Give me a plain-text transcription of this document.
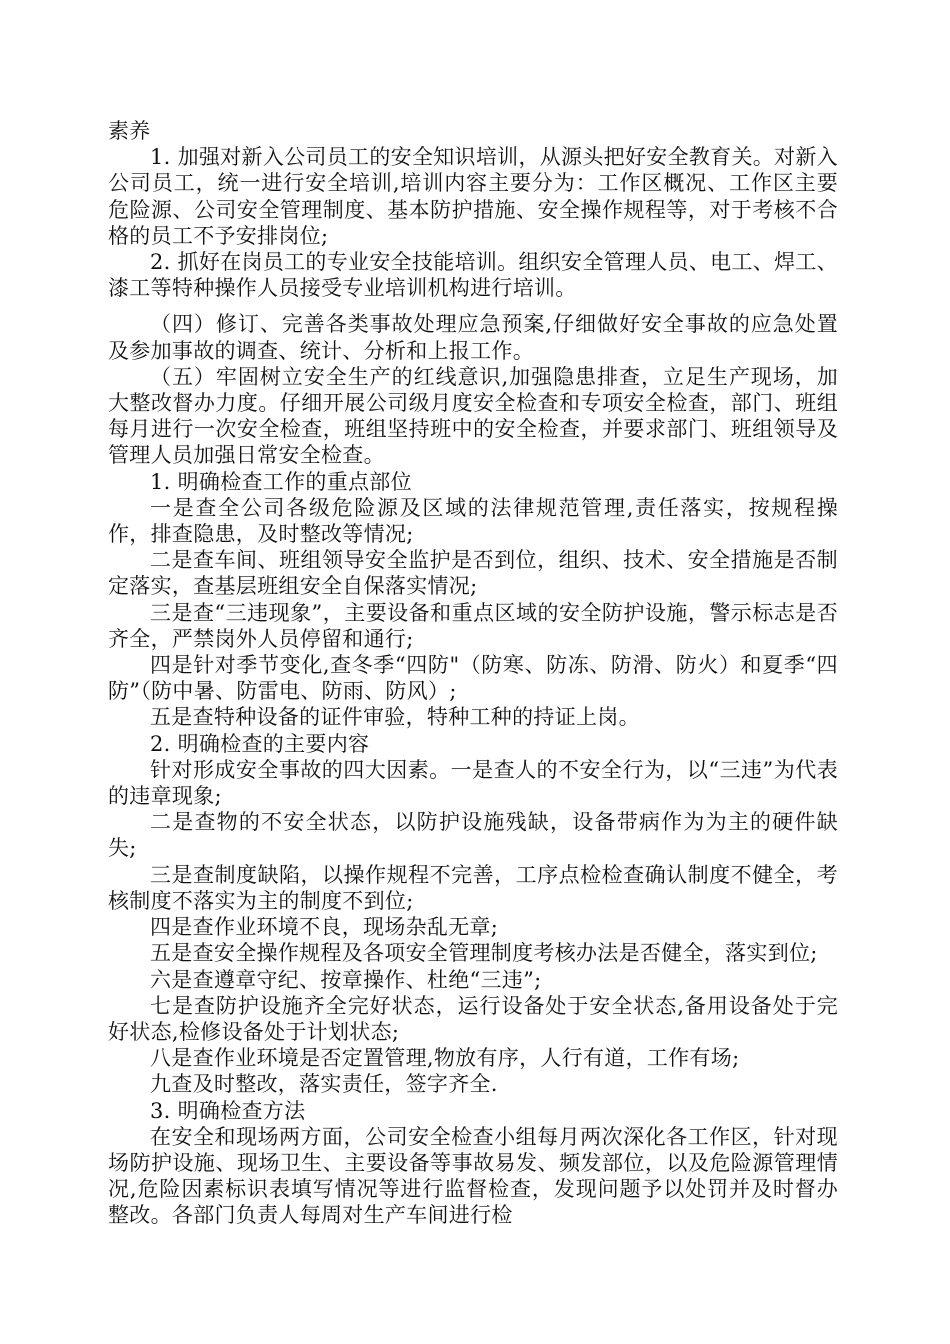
素养

1. 加强对新入公司员工的安全知识培训，从源头把好安全教育关。对新入公司员工，统一进行安全培训,培训内容主要分为：工作区概况、工作区主要危险源、公司安全管理制度、基本防护措施、安全操作规程等，对于考核不合格的员工不予安排岗位;

2. 抓好在岗员工的专业安全技能培训。组织安全管理人员、电工、焊工、漆工等特种操作人员接受专业培训机构进行培训。

（四）修订、完善各类事故处理应急预案,仔细做好安全事故的应急处置及参加事故的调查、统计、分析和上报工作。

（五）牢固树立安全生产的红线意识,加强隐患排查，立足生产现场，加大整改督办力度。仔细开展公司级月度安全检查和专项安全检查，部门、班组每月进行一次安全检查，班组坚持班中的安全检查，并要求部门、班组领导及管理人员加强日常安全检查。

1. 明确检查工作的重点部位

一是查全公司各级危险源及区域的法律规范管理,责任落实，按规程操作，排查隐患，及时整改等情况;

二是查车间、班组领导安全监护是否到位，组织、技术、安全措施是否制定落实，查基层班组安全自保落实情况;

三是查“三违现象”，主要设备和重点区域的安全防护设施，警示标志是否齐全，严禁岗外人员停留和通行;

四是针对季节变化,查冬季“四防"（防寒、防冻、防滑、防火）和夏季“四防”（防中暑、防雷电、防雨、防风）;

五是查特种设备的证件审验，特种工种的持证上岗。

2. 明确检查的主要内容

针对形成安全事故的四大因素。一是查人的不安全行为，以“三违”为代表的违章现象;

二是查物的不安全状态，以防护设施残缺，设备带病作为为主的硬件缺失;

三是查制度缺陷，以操作规程不完善，工序点检检查确认制度不健全，考核制度不落实为主的制度不到位;

四是查作业环境不良，现场杂乱无章;

五是查安全操作规程及各项安全管理制度考核办法是否健全，落实到位;

六是查遵章守纪、按章操作、杜绝“三违”;

七是查防护设施齐全完好状态，运行设备处于安全状态,备用设备处于完好状态,检修设备处于计划状态;

八是查作业环境是否定置管理,物放有序，人行有道，工作有场;

九查及时整改，落实责任，签字齐全.

3. 明确检查方法

在安全和现场两方面，公司安全检查小组每月两次深化各工作区，针对现场防护设施、现场卫生、主要设备等事故易发、频发部位，以及危险源管理情况,危险因素标识表填写情况等进行监督检查，发现问题予以处罚并及时督办整改。各部门负责人每周对生产车间进行检
